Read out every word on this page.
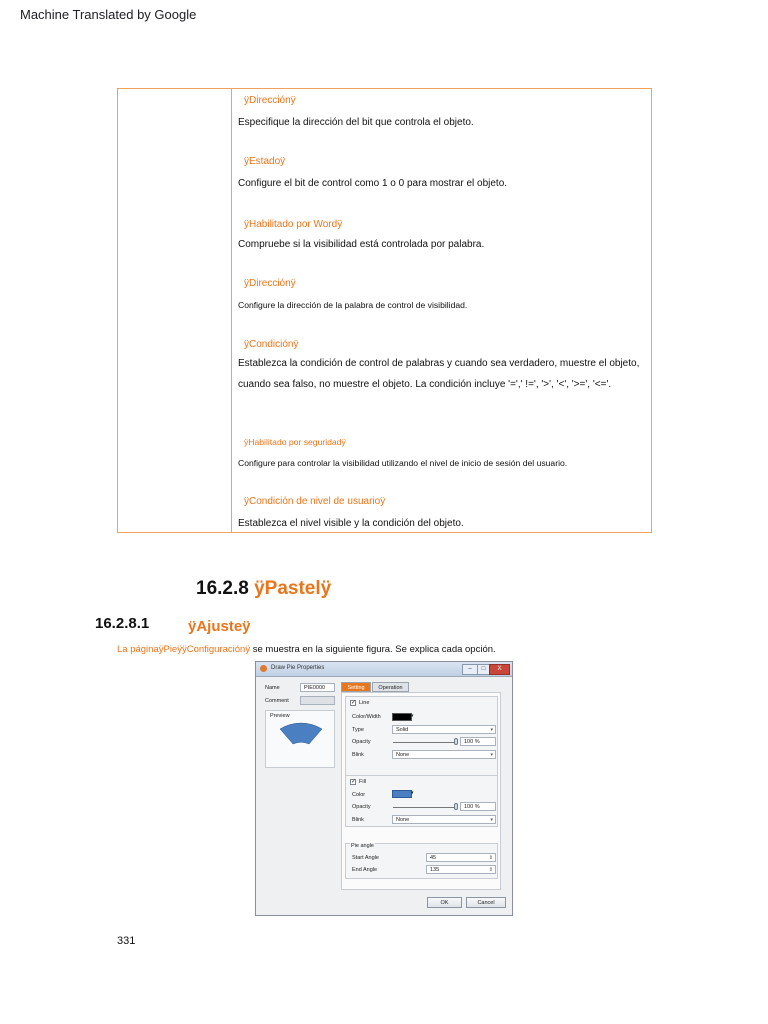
Machine Translated by Google
ÿDirecciónÿ
Especifique la dirección del bit que controla el objeto.
ÿEstadoÿ
Configure el bit de control como 1 o 0 para mostrar el objeto.
ÿHabilitado por Wordÿ
Compruebe si la visibilidad está controlada por palabra.
ÿDirecciónÿ
Configure la dirección de la palabra de control de visibilidad.
ÿCondiciónÿ
Establezca la condición de control de palabras y cuando sea verdadero, muestre el objeto,
cuando sea falso, no muestre el objeto. La condición incluye '=',' !=', '>', '<', '>=', '<='.
ÿHabilitado por seguridadÿ
Configure para controlar la visibilidad utilizando el nivel de inicio de sesión del usuario.
ÿCondición de nivel de usuarioÿ
Establezca el nivel visible y la condición del objeto.
16.2.8 ÿPastelÿ
16.2.8.1	ÿAjusteÿ
La páginaÿPieÿÿConfiguraciónÿ se muestra en la siguiente figura. Se explica cada opción.
Draw Pie Properties	–	□	X
Name	PIE0000
Comment
Preview
Setting	Operation
✓ Line
Color/Width	▾
Type	Solid	▾
Opacity	100 %
Blink	None	▾
✓ Fill
Color	▾
Opacity	100 %
Blink	None	▾
Pie angle
Start Angle	45	⇕
End Angle	135	⇕
OK	Cancel
331
